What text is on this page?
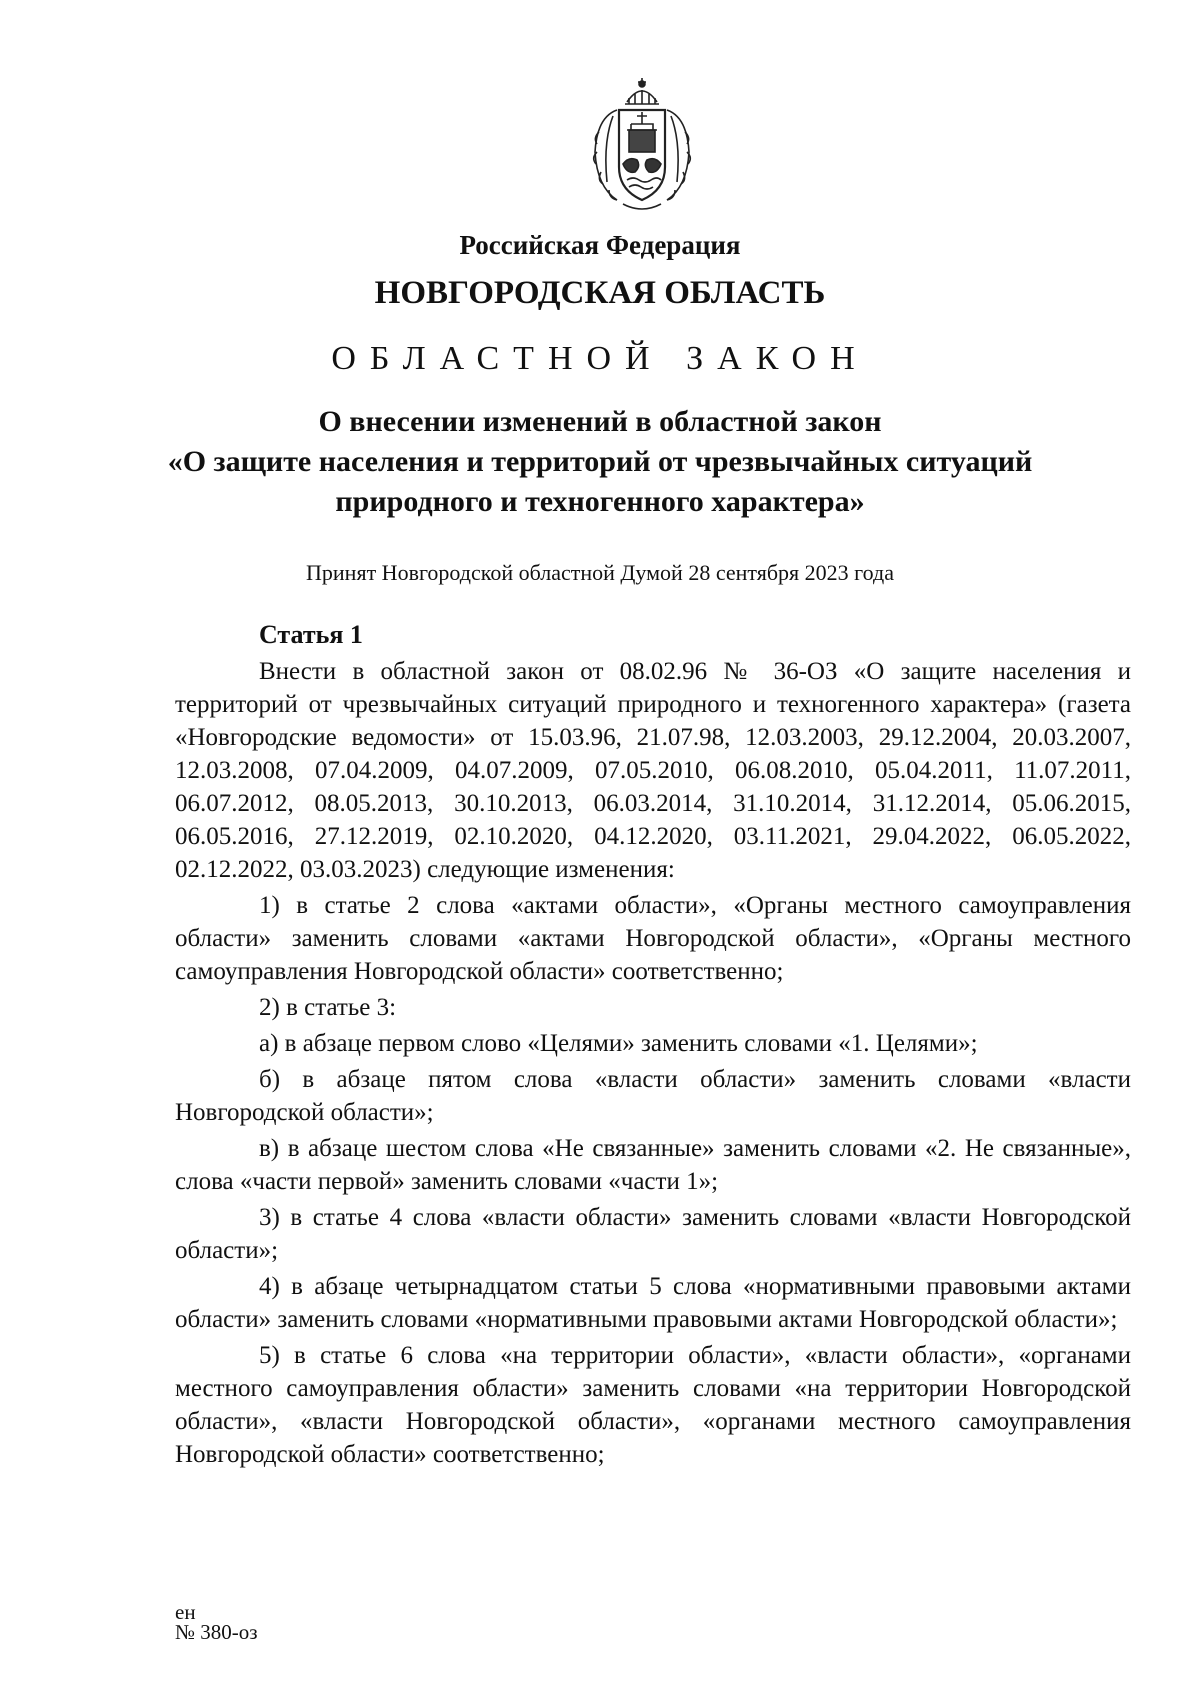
Российская Федерация
НОВГОРОДСКАЯ ОБЛАСТЬ
ОБЛАСТНОЙ ЗАКОН
О внесении изменений в областной закон
«О защите населения и территорий от чрезвычайных ситуаций
природного и техногенного характера»

Принят Новгородской областной Думой 28 сентября 2023 года

Статья 1

Внести в областной закон от 08.02.96 № 36-ОЗ «О защите населения и территорий от чрезвычайных ситуаций природного и техногенного характера» (газета «Новгородские ведомости» от 15.03.96, 21.07.98, 12.03.2003, 29.12.2004, 20.03.2007, 12.03.2008, 07.04.2009, 04.07.2009, 07.05.2010, 06.08.2010, 05.04.2011, 11.07.2011, 06.07.2012, 08.05.2013, 30.10.2013, 06.03.2014, 31.10.2014, 31.12.2014, 05.06.2015, 06.05.2016, 27.12.2019, 02.10.2020, 04.12.2020, 03.11.2021, 29.04.2022, 06.05.2022, 02.12.2022, 03.03.2023) следующие изменения:

1) в статье 2 слова «актами области», «Органы местного самоуправления области» заменить словами «актами Новгородской области», «Органы местного самоуправления Новгородской области» соответственно;

2) в статье 3:

а) в абзаце первом слово «Целями» заменить словами «1. Целями»;

б) в абзаце пятом слова «власти области» заменить словами «власти Новгородской области»;

в) в абзаце шестом слова «Не связанные» заменить словами «2. Не связанные», слова «части первой» заменить словами «части 1»;

3) в статье 4 слова «власти области» заменить словами «власти Новгородской области»;

4) в абзаце четырнадцатом статьи 5 слова «нормативными правовыми актами области» заменить словами «нормативными правовыми актами Новгородской области»;

5) в статье 6 слова «на территории области», «власти области», «органами местного самоуправления области» заменить словами «на территории Новгородской области», «власти Новгородской области», «органами местного самоуправления Новгородской области» соответственно;

ен
№ 380-оз
